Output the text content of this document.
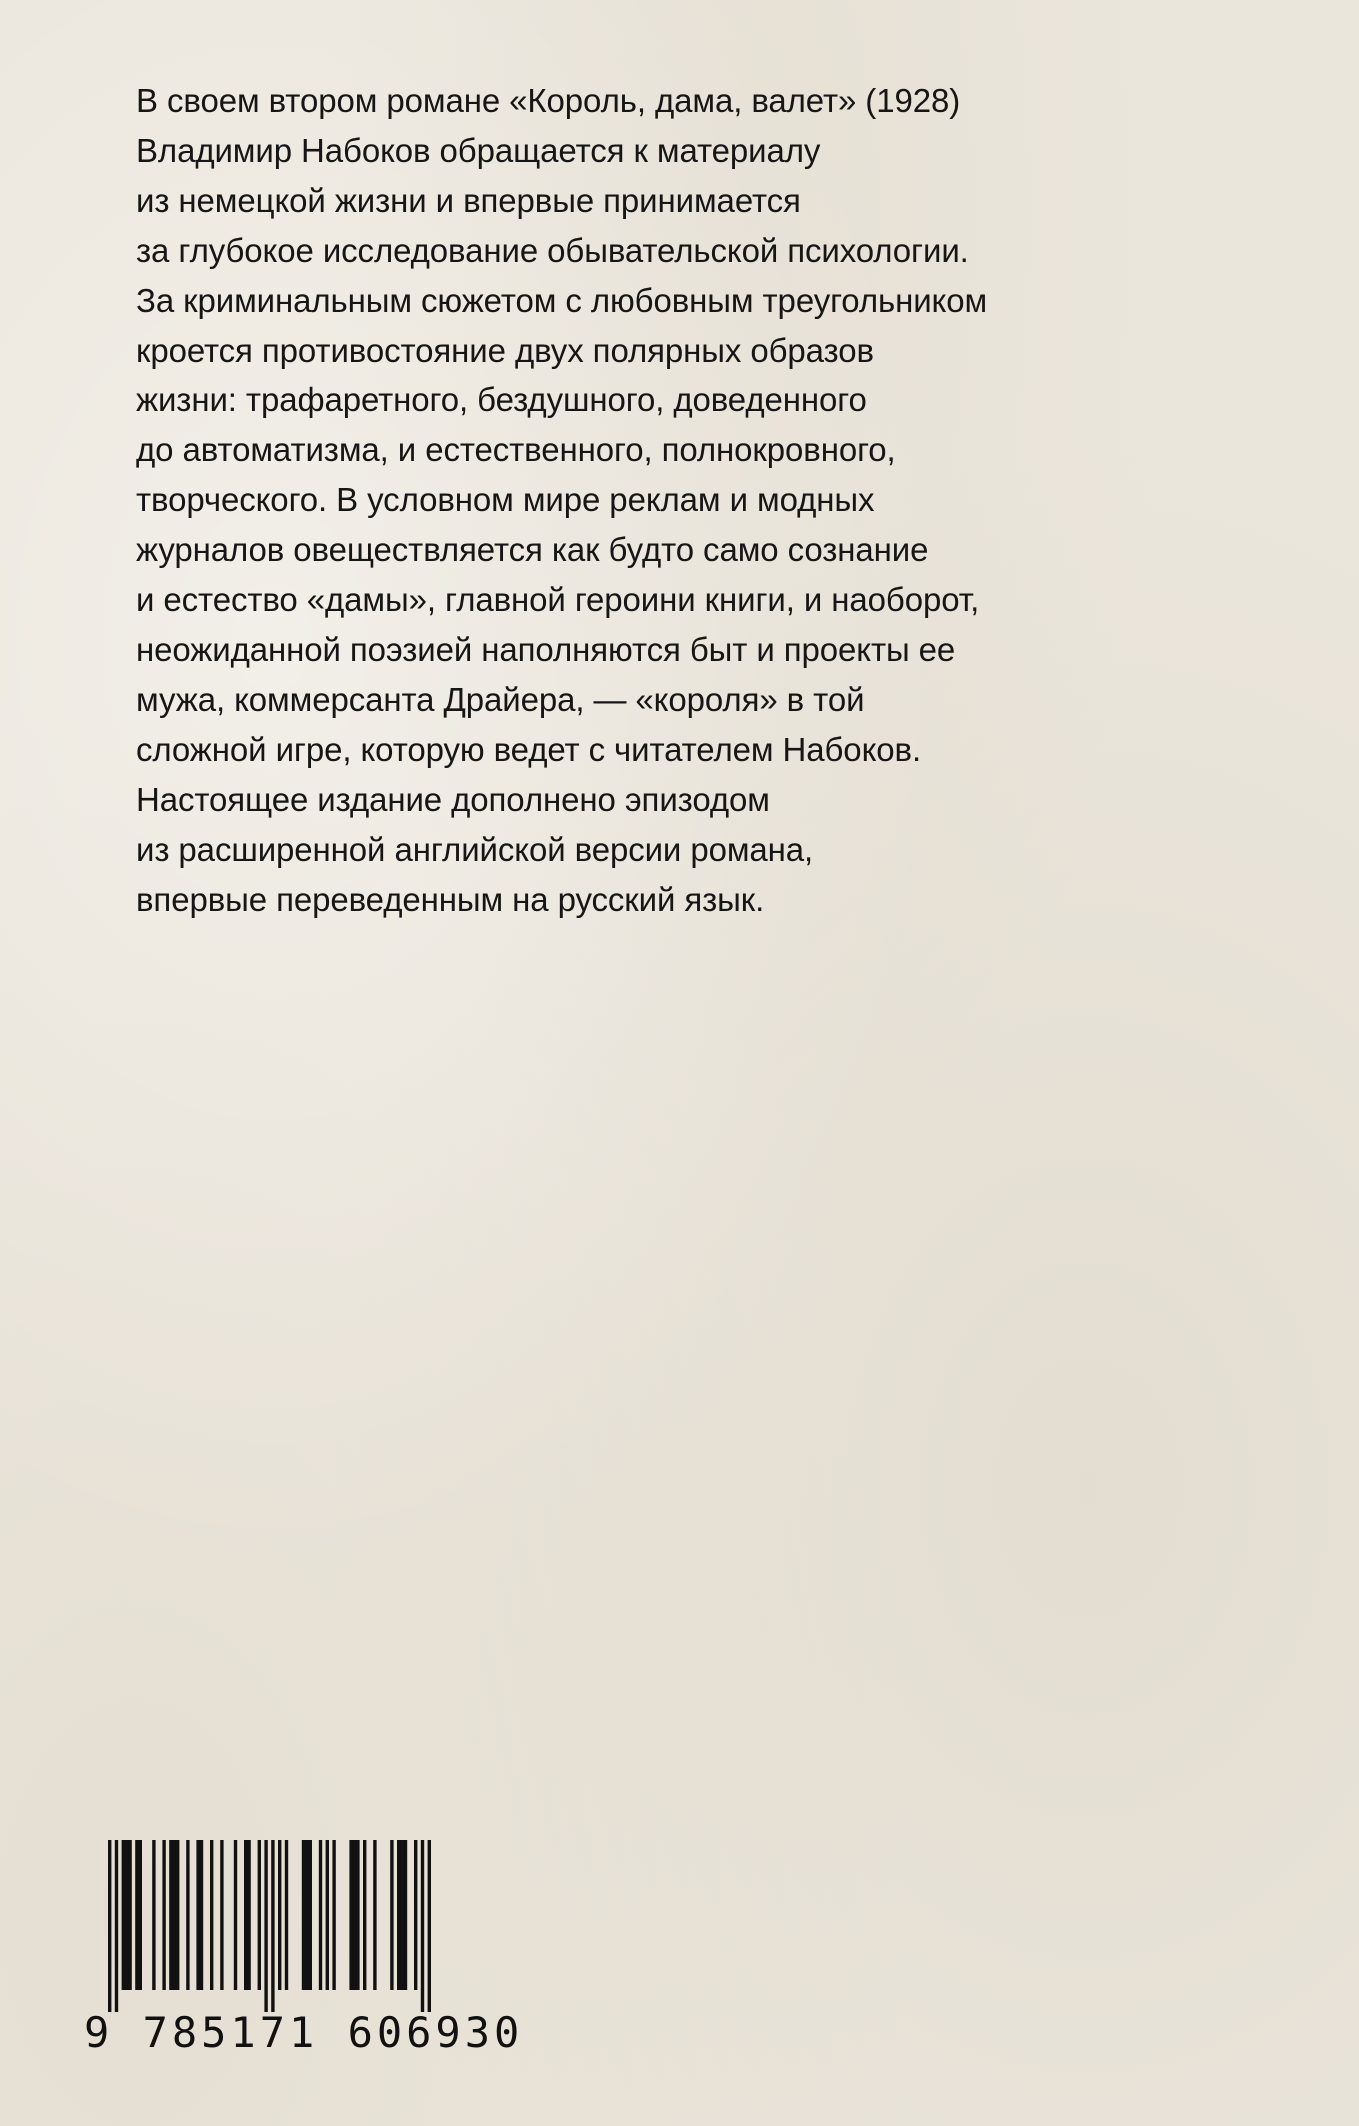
В своем втором романе «Король, дама, валет» (1928)
Владимир Набоков обращается к материалу
из немецкой жизни и впервые принимается
за глубокое исследование обывательской психологии.
За криминальным сюжетом с любовным треугольником
кроется противостояние двух полярных образов
жизни: трафаретного, бездушного, доведенного
до автоматизма, и естественного, полнокровного,
творческого. В условном мире реклам и модных
журналов овеществляется как будто само сознание
и естество «дамы», главной героини книги, и наоборот,
неожиданной поэзией наполняются быт и проекты ее
мужа, коммерсанта Драйера, — «короля» в той
сложной игре, которую ведет с читателем Набоков.
Настоящее издание дополнено эпизодом
из расширенной английской версии романа,
впервые переведенным на русский язык.
9 785171 606930
